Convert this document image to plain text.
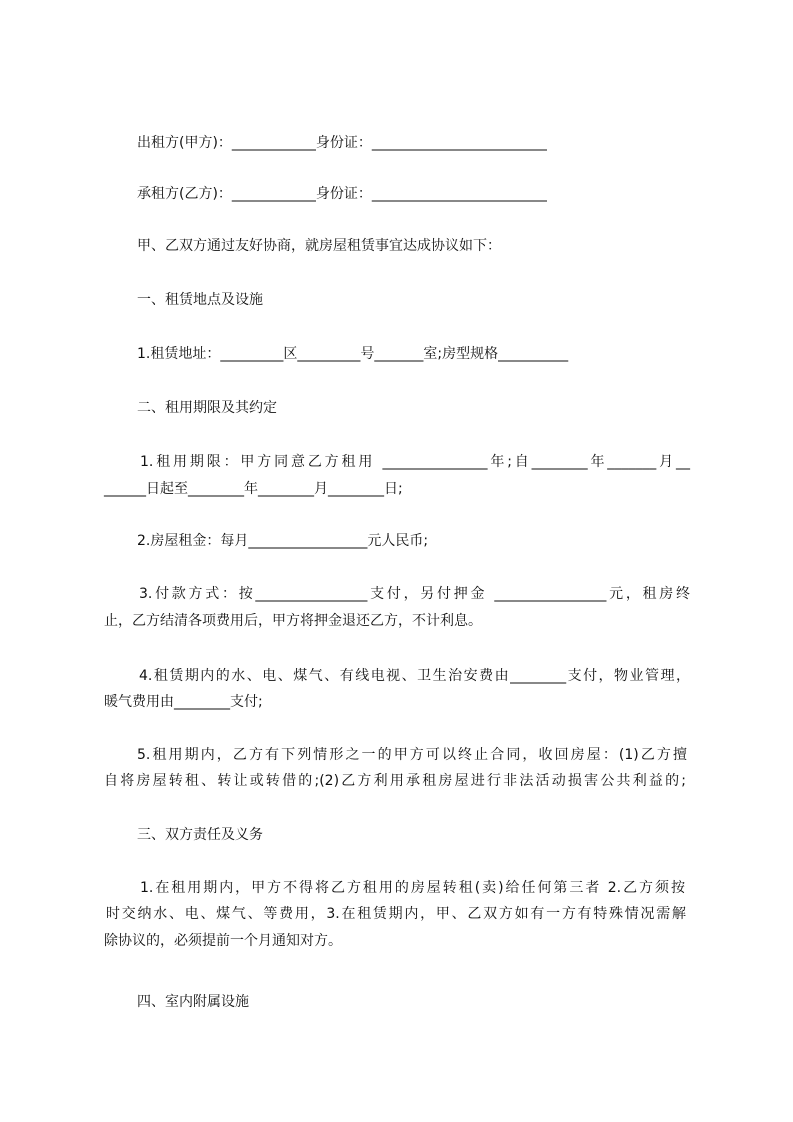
出租方(甲方)：____________身份证：_________________________
承租方(乙方)：____________身份证：_________________________
甲、乙双方通过友好协商，就房屋租赁事宜达成协议如下：
一、租赁地点及设施
1.租赁地址：_________区_________号_______室;房型规格__________
二、租用期限及其约定
1.租用期限：甲方同意乙方租用 _______________年;自________年_______月__
______日起至________年________月________日;
2.房屋租金：每月_________________元人民币;
3.付款方式：按________________支付，另付押金 ________________元，租房终
止，乙方结清各项费用后，甲方将押金退还乙方，不计利息。
4.租赁期内的水、电、煤气、有线电视、卫生治安费由________支付，物业管理，
暖气费用由________支付;
5.租用期内，乙方有下列情形之一的甲方可以终止合同，收回房屋：(1)乙方擅
自将房屋转租、转让或转借的;(2)乙方利用承租房屋进行非法活动损害公共利益的;
三、双方责任及义务
1.在租用期内，甲方不得将乙方租用的房屋转租(卖)给任何第三者 2.乙方须按
时交纳水、电、煤气、等费用，3.在租赁期内，甲、乙双方如有一方有特殊情况需解
除协议的，必须提前一个月通知对方。
四、室内附属设施
